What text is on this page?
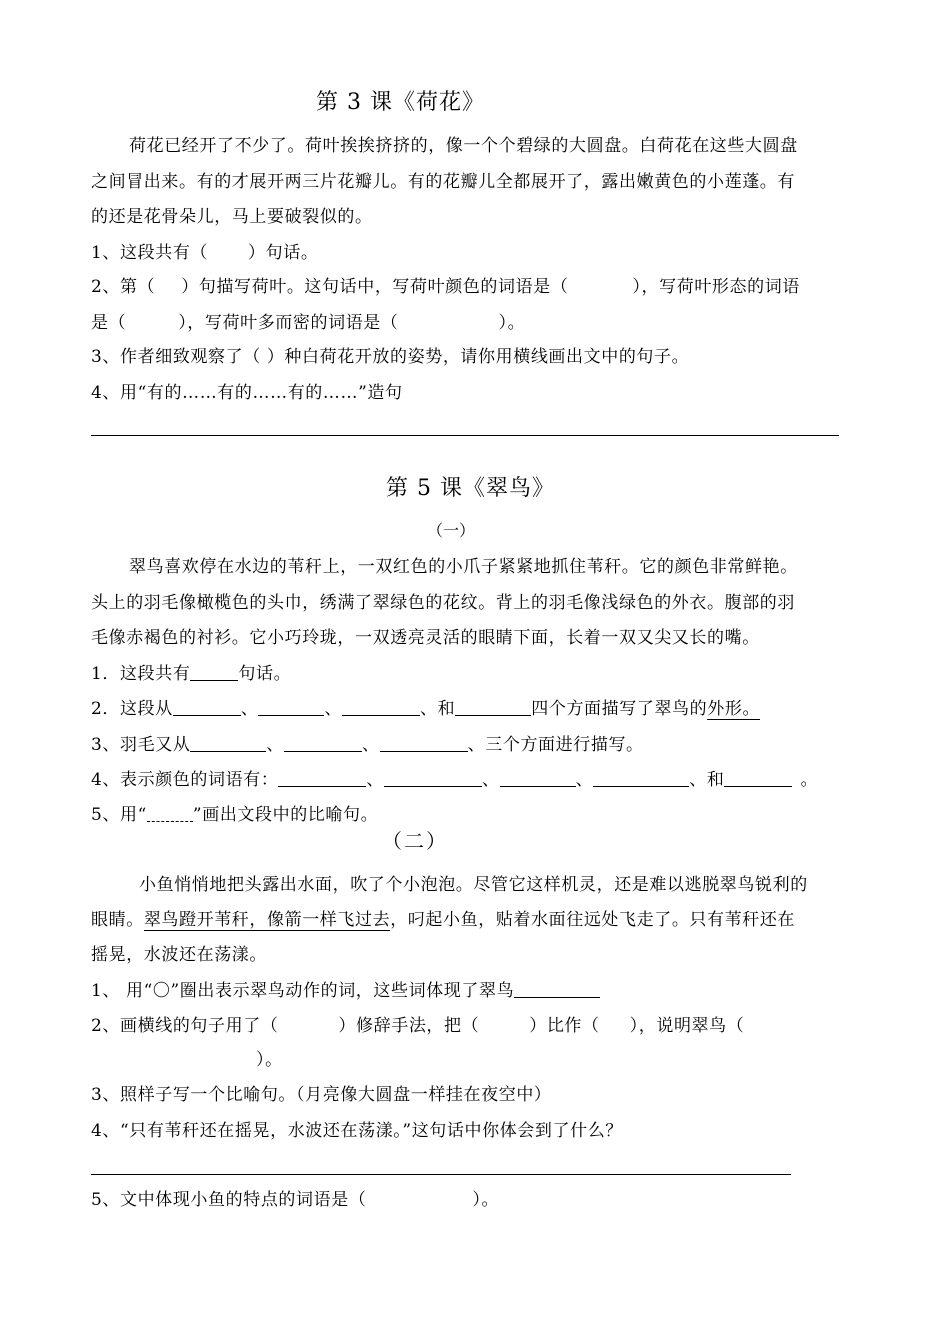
第 3 课《荷花》
荷花已经开了不少了。荷叶挨挨挤挤的，像一个个碧绿的大圆盘。白荷花在这些大圆盘
之间冒出来。有的才展开两三片花瓣儿。有的花瓣儿全都展开了，露出嫩黄色的小莲蓬。有
的还是花骨朵儿，马上要破裂似的。
1、这段共有（ ）句话。
2、第（ ）句描写荷叶。这句话中，写荷叶颜色的词语是（	），写荷叶形态的词语
是（	），写荷叶多而密的词语是（	）。
3、作者细致观察了（ ）种白荷花开放的姿势，请你用横线画出文中的句子。
4、用“有的……有的……有的……”造句
第 5 课《翠鸟》
（一）
翠鸟喜欢停在水边的苇秆上，一双红色的小爪子紧紧地抓住苇秆。它的颜色非常鲜艳。
头上的羽毛像橄榄色的头巾，绣满了翠绿色的花纹。背上的羽毛像浅绿色的外衣。腹部的羽
毛像赤褐色的衬衫。它小巧玲珑，一双透亮灵活的眼睛下面，长着一双又尖又长的嘴。
1．这段共有	句话。
2．这段从	、	、	、和	四个方面描写了翠鸟的外形。
3、羽毛又从	、	、	、三个方面进行描写。
4、表示颜色的词语有：	、	、	、	、和	。
5、用“	”画出文段中的比喻句。
（二）
小鱼悄悄地把头露出水面，吹了个小泡泡。尽管它这样机灵，还是难以逃脱翠鸟锐利的
眼睛。翠鸟蹬开苇秆，像箭一样飞过去，叼起小鱼，贴着水面往远处飞走了。只有苇秆还在
摇晃，水波还在荡漾。
1、 用“〇”圈出表示翠鸟动作的词，这些词体现了翠鸟
2、画横线的句子用了（	）修辞手法，把（	）比作（ ），说明翠鸟（
）。
3、照样子写一个比喻句。（月亮像大圆盘一样挂在夜空中）
4、“只有苇秆还在摇晃，水波还在荡漾。”这句话中你体会到了什么？
5、文中体现小鱼的特点的词语是（	）。
